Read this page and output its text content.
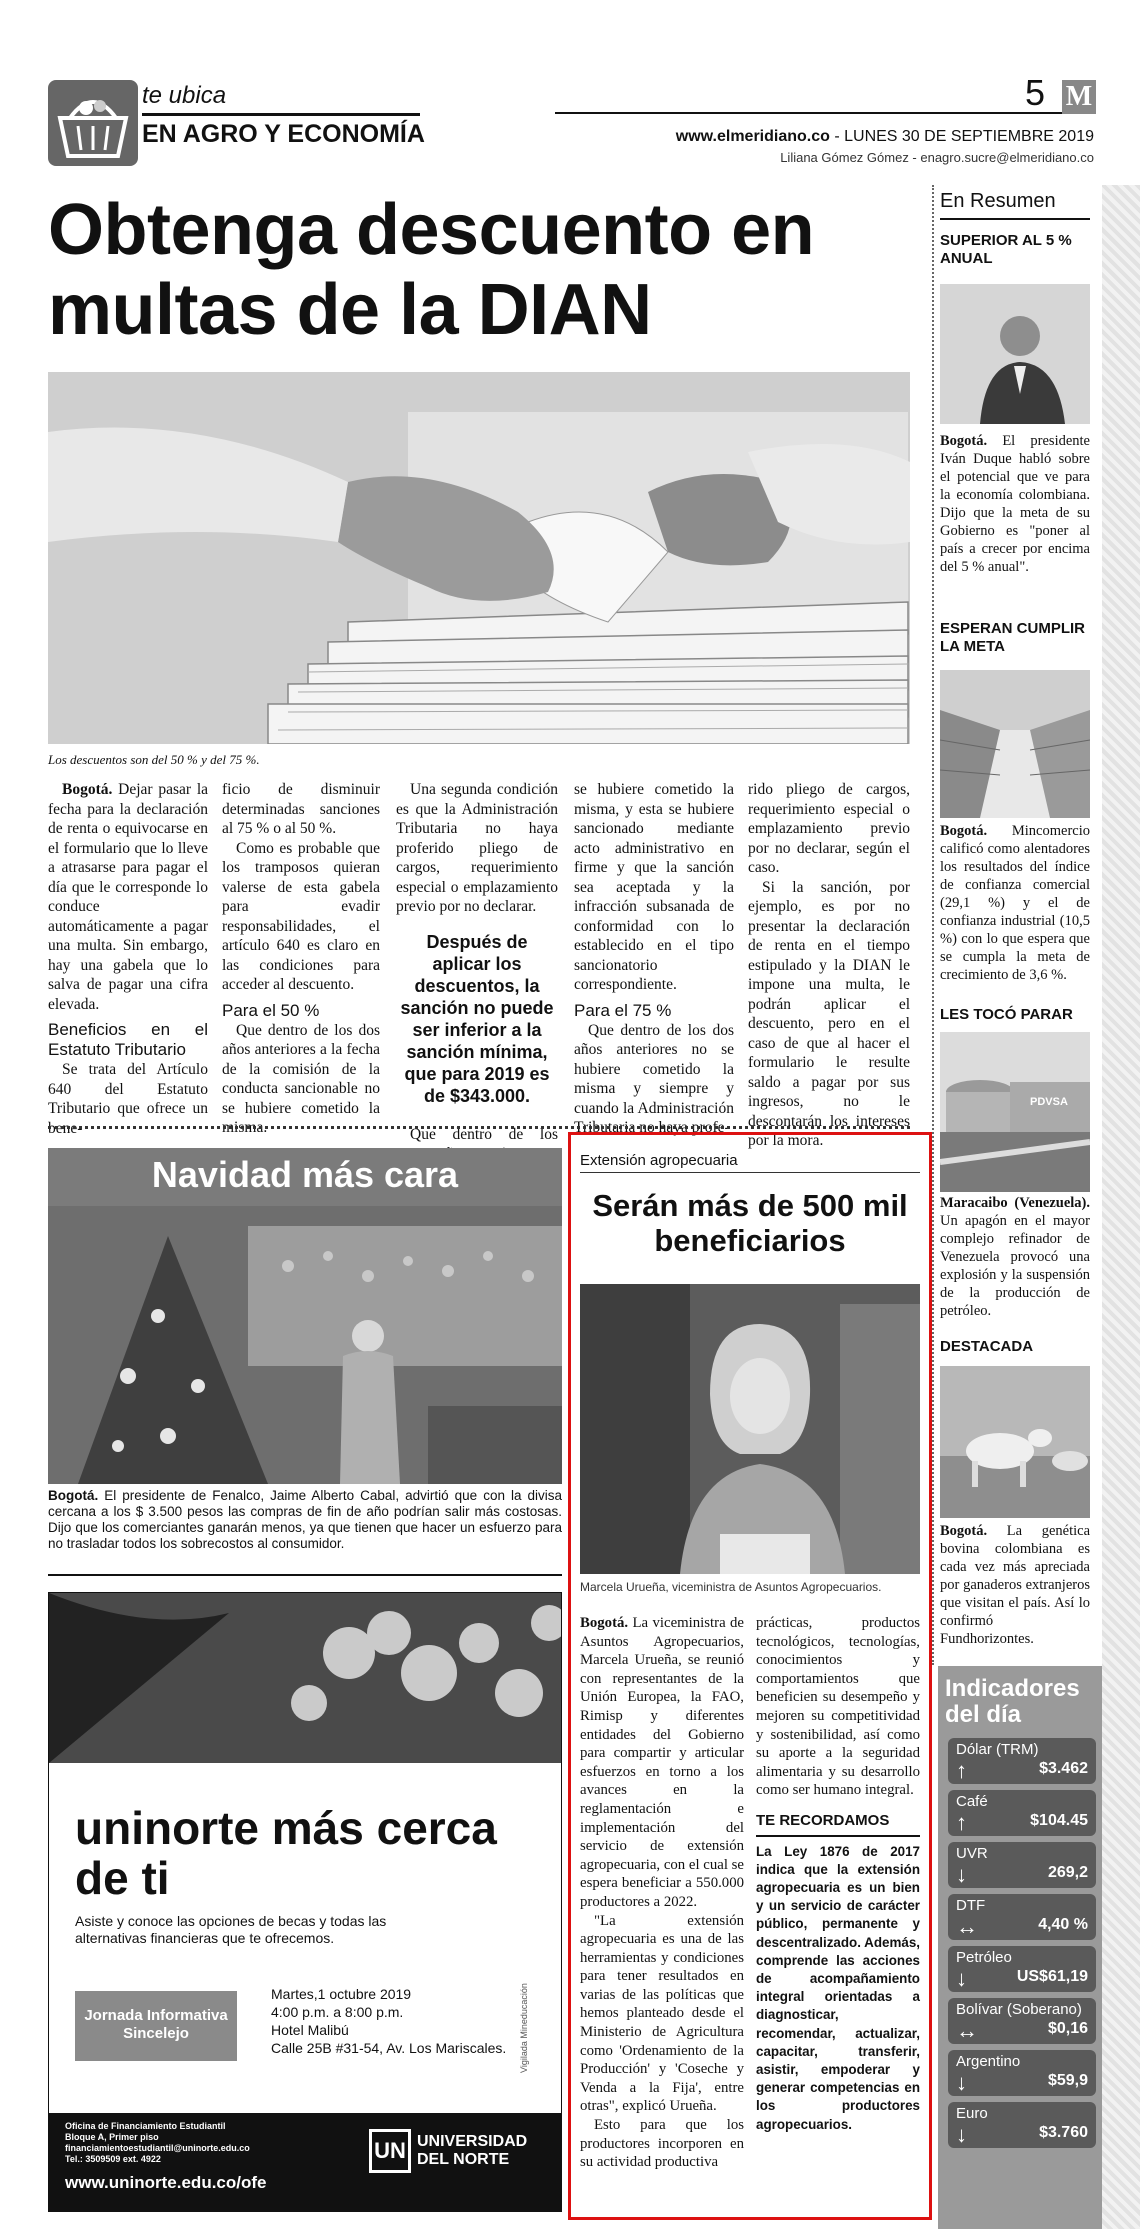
te ubica
EN AGRO Y ECONOMÍA
5 M
www.elmeridiano.co - LUNES 30 DE SEPTIEMBRE 2019
Liliana Gómez Gómez - enagro.sucre@elmeridiano.co
Obtenga descuento en multas de la DIAN
Los descuentos son del 50 % y del 75 %.

Bogotá. Dejar pasar la fecha para la declaración de renta o equivocarse en el formulario que lo lleve a atrasarse para pagar el día que le corresponde lo conduce automáticamente a pagar una multa. Sin embargo, hay una gabela que lo salva de pagar una cifra elevada.

Beneficios en el Estatuto Tributario

Se trata del Artículo 640 del Estatuto Tributario que ofrece un bene-

ficio de disminuir determinadas sanciones al 75 % o al 50 %.

Como es probable que los tramposos quieran valerse de esta gabela para evadir responsabilidades, el artículo 640 es claro en las condiciones para acceder al descuento.

Para el 50 %

Que dentro de los dos años anteriores a la fecha de la comisión de la conducta sancionable no se hubiere cometido la misma.

Una segunda condición es que la Administración Tributaria no haya proferido pliego de cargos, requerimiento especial o emplazamiento previo por no declarar.

Después de aplicar los descuentos, la sanción no puede ser inferior a la sanción mínima, que para 2019 es de $343.000.

Que dentro de los

se hubiere cometido la misma, y esta se hubiere sancionado mediante acto administrativo en firme y que la sanción sea aceptada y la infracción subsanada de conformidad con lo establecido en el tipo sancionatorio correspondiente.

Para el 75 %

Que dentro de los dos años anteriores no se hubiere cometido la misma y siempre y cuando la Administración Tributaria no haya profe-

rido pliego de cargos, requerimiento especial o emplazamiento previo por no declarar, según el caso.

Si la sanción, por ejemplo, es por no presentar la declaración de renta en el tiempo estipulado y la DIAN le impone una multa, le podrán aplicar el descuento, pero en el caso de que al hacer el formulario le resulte saldo a pagar por sus ingresos, no le descontarán los intereses por la mora.

En Resumen
SUPERIOR AL 5 % ANUAL
Bogotá. El presidente Iván Duque habló sobre el potencial que ve para la economía colombiana. Dijo que la meta de su Gobierno es "poner al país a crecer por encima del 5 % anual".
ESPERAN CUMPLIR LA META
Bogotá. Mincomercio calificó como alentadores los resultados del índice de confianza comercial (29,1 %) y el de confianza industrial (10,5 %) con lo que espera que se cumpla la meta de crecimiento de 3,6 %.
LES TOCÓ PARAR
PDVSA
Maracaibo (Venezuela). Un apagón en el mayor complejo refinador de Venezuela provocó una explosión y la suspensión de la producción de petróleo.
DESTACADA
Bogotá. La genética bovina colombiana es cada vez más apreciada por ganaderos extranjeros que visitan el país. Así lo confirmó Fundhorizontes.
Indicadores del día
Dólar (TRM)
↑	$3.462
Café
↑	$104.45
UVR
↓	269,2
DTF
↔	4,40 %
Petróleo
↓	US$61,19
Bolívar (Soberano)
↔	$0,16
Argentino
↓	$59,9
Euro
↓	$3.760
Navidad más cara
Bogotá. El presidente de Fenalco, Jaime Alberto Cabal, advirtió que con la divisa cercana a los $ 3.500 pesos las compras de fin de año podrían salir más costosas. Dijo que los comerciantes ganarán menos, ya que tienen que hacer un esfuerzo para no trasladar todos los sobrecostos al consumidor.
uninorte más cerca de ti
Asiste y conoce las opciones de becas y todas las alternativas financieras que te ofrecemos.
Jornada Informativa Sincelejo
Martes,1 octubre 2019
4:00 p.m. a 8:00 p.m.
Hotel Malibú
Calle 25B #31-54, Av. Los Mariscales. Vigilada Mineducación
Oficina de Financiamiento Estudiantil
Bloque A, Primer piso
financiamientoestudiantil@uninorte.edu.co
Tel.: 3509509 ext. 4922
www.uninorte.edu.co/ofe
UN UNIVERSIDAD
DEL NORTE
Extensión agropecuaria
Serán más de 500 mil beneficiarios
Marcela Urueña, viceministra de Asuntos Agropecuarios.

Bogotá. La viceministra de Asuntos Agropecuarios, Marcela Urueña, se reunió con representantes de la Unión Europea, la FAO, Rimisp y diferentes entidades del Gobierno para compartir y articular esfuerzos en torno a los avances en la reglamentación e implementación del servicio de extensión agropecuaria, con el cual se espera beneficiar a 550.000 productores a 2022.

"La extensión agropecuaria es una de las herramientas y condiciones para tener resultados en varias de las políticas que hemos planteado desde el Ministerio de Agricultura como 'Ordenamiento de la Producción' y 'Coseche y Venda a la Fija', entre otras", explicó Urueña.

Esto para que los productores incorporen en su actividad productiva

prácticas, productos tecnológicos, tecnologías, conocimientos y comportamientos que beneficien su desempeño y mejoren su competitividad y sostenibilidad, así como su aporte a la seguridad alimentaria y su desarrollo como ser humano integral.

TE RECORDAMOS

La Ley 1876 de 2017 indica que la extensión agropecuaria es un bien y un servicio de carácter público, permanente y descentralizado. Además, comprende las acciones de acompañamiento integral orientadas a diagnosticar, recomendar, actualizar, capacitar, transferir, asistir, empoderar y generar competencias en los productores agropecuarios.
